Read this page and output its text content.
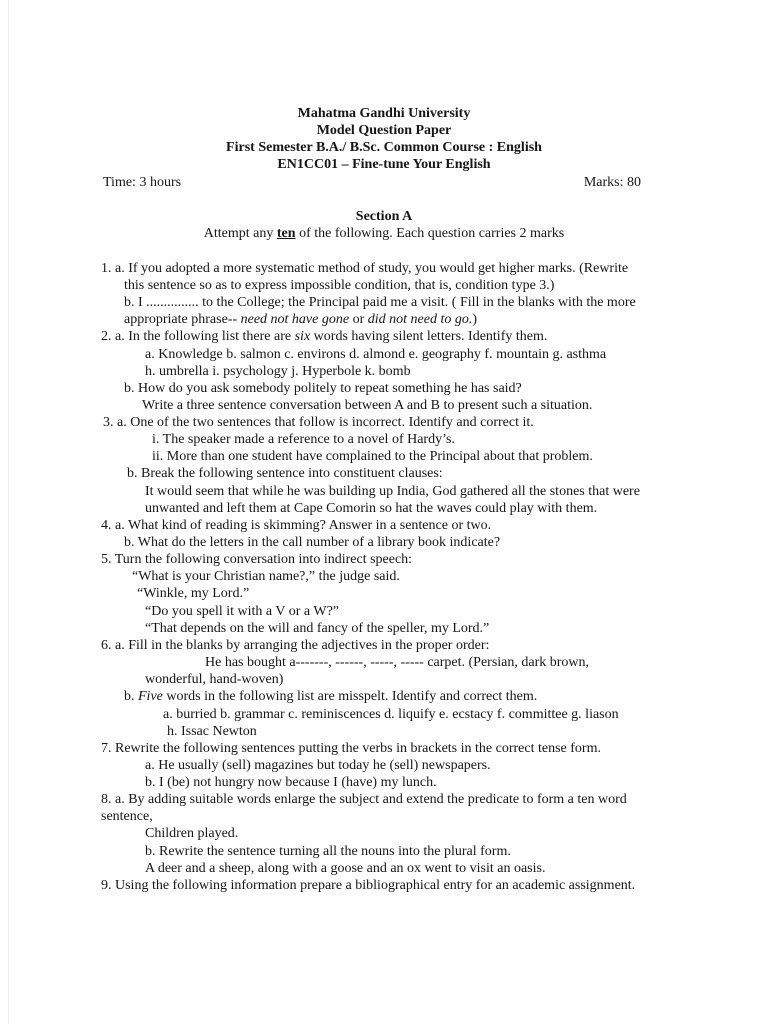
Mahatma Gandhi University
Model Question Paper
First Semester B.A./ B.Sc. Common Course : English
EN1CC01 – Fine-tune Your English
Time: 3 hours	Marks: 80
Section A
Attempt any ten of the following. Each question carries 2 marks
1. a. If you adopted a more systematic method of study, you would get higher marks. (Rewrite
this sentence so as to express impossible condition, that is, condition type 3.)
b. I ............... to the College; the Principal paid me a visit. ( Fill in the blanks with the more
appropriate phrase-- need not have gone or did not need to go.)
2. a. In the following list there are six words having silent letters. Identify them.
a. Knowledge b. salmon c. environs d. almond e. geography f. mountain g. asthma
h. umbrella i. psychology j. Hyperbole k. bomb
b. How do you ask somebody politely to repeat something he has said?
Write a three sentence conversation between A and B to present such a situation.
3. a. One of the two sentences that follow is incorrect. Identify and correct it.
i. The speaker made a reference to a novel of Hardy’s.
ii. More than one student have complained to the Principal about that problem.
b. Break the following sentence into constituent clauses:
It would seem that while he was building up India, God gathered all the stones that were
unwanted and left them at Cape Comorin so hat the waves could play with them.
4. a. What kind of reading is skimming? Answer in a sentence or two.
b. What do the letters in the call number of a library book indicate?
5. Turn the following conversation into indirect speech:
“What is your Christian name?,” the judge said.
“Winkle, my Lord.”
“Do you spell it with a V or a W?”
“That depends on the will and fancy of the speller, my Lord.”
6. a. Fill in the blanks by arranging the adjectives in the proper order:
He has bought a-------, ------, -----, ----- carpet. (Persian, dark brown,
wonderful, hand-woven)
b. Five words in the following list are misspelt. Identify and correct them.
a. burried b. grammar c. reminiscences d. liquify e. ecstacy f. committee g. liason
h. Issac Newton
7. Rewrite the following sentences putting the verbs in brackets in the correct tense form.
a. He usually (sell) magazines but today he (sell) newspapers.
b. I (be) not hungry now because I (have) my lunch.
8. a. By adding suitable words enlarge the subject and extend the predicate to form a ten word
sentence,
Children played.
b. Rewrite the sentence turning all the nouns into the plural form.
A deer and a sheep, along with a goose and an ox went to visit an oasis.
9. Using the following information prepare a bibliographical entry for an academic assignment.
